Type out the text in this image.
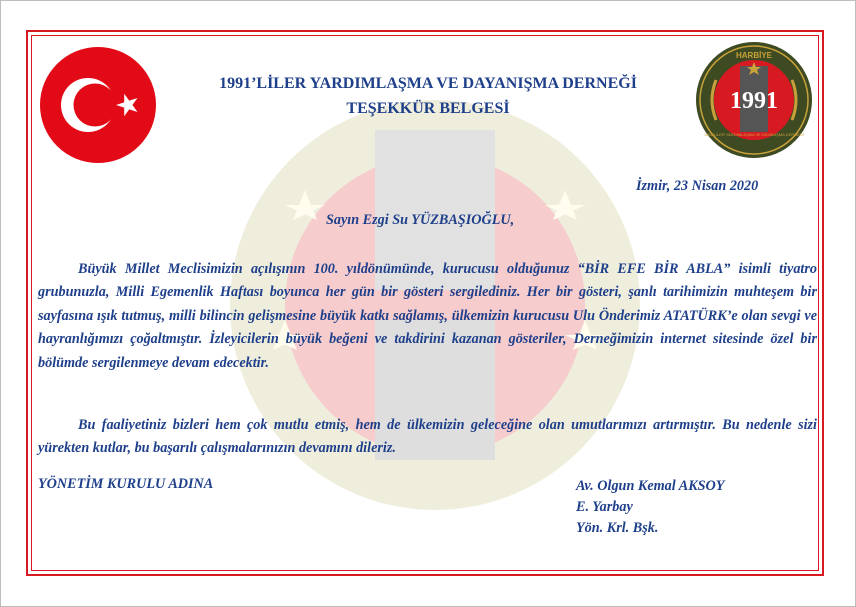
HARBİYE
1991
1991'LİLER YARDIMLAŞMA VE DAYANIŞMA DERNEĞİ
1991’LİLER YARDIMLAŞMA VE DAYANIŞMA DERNEĞİ
TEŞEKKÜR BELGESİ
İzmir, 23 Nisan 2020
Sayın Ezgi Su YÜZBAŞIOĞLU,
Büyük Millet Meclisimizin açılışının 100. yıldönümünde, kurucusu olduğunuz “BİR EFE BİR ABLA” isimli tiyatro grubunuzla, Milli Egemenlik Haftası boyunca her gün bir gösteri sergilediniz. Her bir gösteri, şanlı tarihimizin muhteşem bir sayfasına ışık tutmuş, milli bilincin gelişmesine büyük katkı sağlamış, ülkemizin kurucusu Ulu Önderimiz ATATÜRK’e olan sevgi ve hayranlığımızı çoğaltmıştır. İzleyicilerin büyük beğeni ve takdirini kazanan gösteriler, Derneğimizin internet sitesinde özel bir bölümde sergilenmeye devam edecektir.
Bu faaliyetiniz bizleri hem çok mutlu etmiş, hem de ülkemizin geleceğine olan umutlarımızı artırmıştır. Bu nedenle sizi yürekten kutlar, bu başarılı çalışmalarınızın devamını dileriz.
YÖNETİM KURULU ADINA	Av. Olgun Kemal AKSOY
E. Yarbay
Yön. Krl. Bşk.
